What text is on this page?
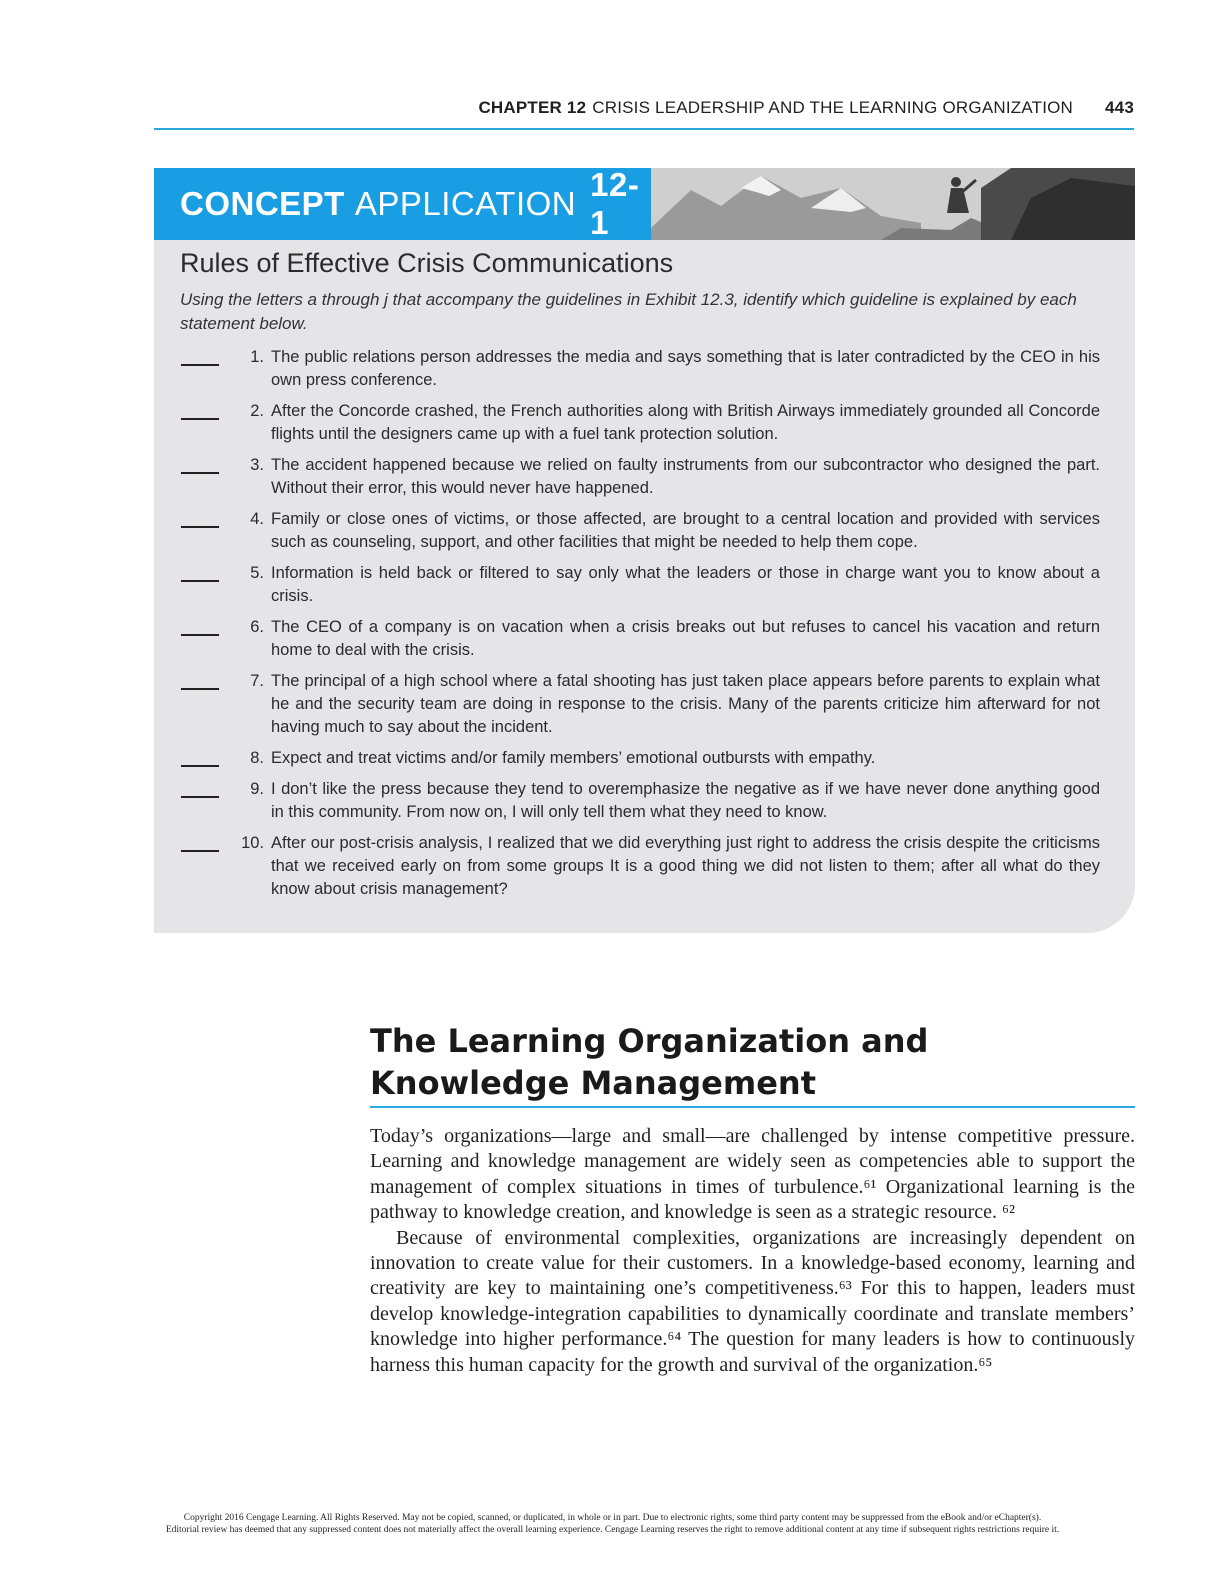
CHAPTER 12 CRISIS LEADERSHIP AND THE LEARNING ORGANIZATION 443
CONCEPT APPLICATION
12-1
Rules of Effective Crisis Communications
Using the letters a through j that accompany the guidelines in Exhibit 12.3, identify which guideline is explained by each statement below.
1. The public relations person addresses the media and says something that is later contradicted by the CEO in his own press conference.
2. After the Concorde crashed, the French authorities along with British Airways immediately grounded all Concorde flights until the designers came up with a fuel tank protection solution.
3. The accident happened because we relied on faulty instruments from our subcontractor who designed the part. Without their error, this would never have happened.
4. Family or close ones of victims, or those affected, are brought to a central location and provided with services such as counseling, support, and other facilities that might be needed to help them cope.
5. Information is held back or filtered to say only what the leaders or those in charge want you to know about a crisis.
6. The CEO of a company is on vacation when a crisis breaks out but refuses to cancel his vacation and return home to deal with the crisis.
7. The principal of a high school where a fatal shooting has just taken place appears before parents to explain what he and the security team are doing in response to the crisis. Many of the parents criticize him afterward for not having much to say about the incident.
8. Expect and treat victims and/or family members’ emotional outbursts with empathy.
9. I don’t like the press because they tend to overemphasize the negative as if we have never done anything good in this community. From now on, I will only tell them what they need to know.
10. After our post-crisis analysis, I realized that we did everything just right to address the crisis despite the criticisms that we received early on from some groups It is a good thing we did not listen to them; after all what do they know about crisis management?
The Learning Organization and
Knowledge Management

Today’s organizations—large and small—are challenged by intense competitive pressure. Learning and knowledge management are widely seen as competencies able to support the management of complex situations in times of turbulence.⁶¹ Organizational learning is the pathway to knowledge creation, and knowledge is seen as a strategic resource. ⁶²

Because of environmental complexities, organizations are increasingly dependent on innovation to create value for their customers. In a knowledge-based economy, learning and creativity are key to maintaining one’s competitiveness.⁶³ For this to happen, leaders must develop knowledge-integration capabilities to dynamically coordinate and translate members’ knowledge into higher performance.⁶⁴ The question for many leaders is how to continuously harness this human capacity for the growth and survival of the organization.⁶⁵

Copyright 2016 Cengage Learning. All Rights Reserved. May not be copied, scanned, or duplicated, in whole or in part. Due to electronic rights, some third party content may be suppressed from the eBook and/or eChapter(s).
Editorial review has deemed that any suppressed content does not materially affect the overall learning experience. Cengage Learning reserves the right to remove additional content at any time if subsequent rights restrictions require it.
